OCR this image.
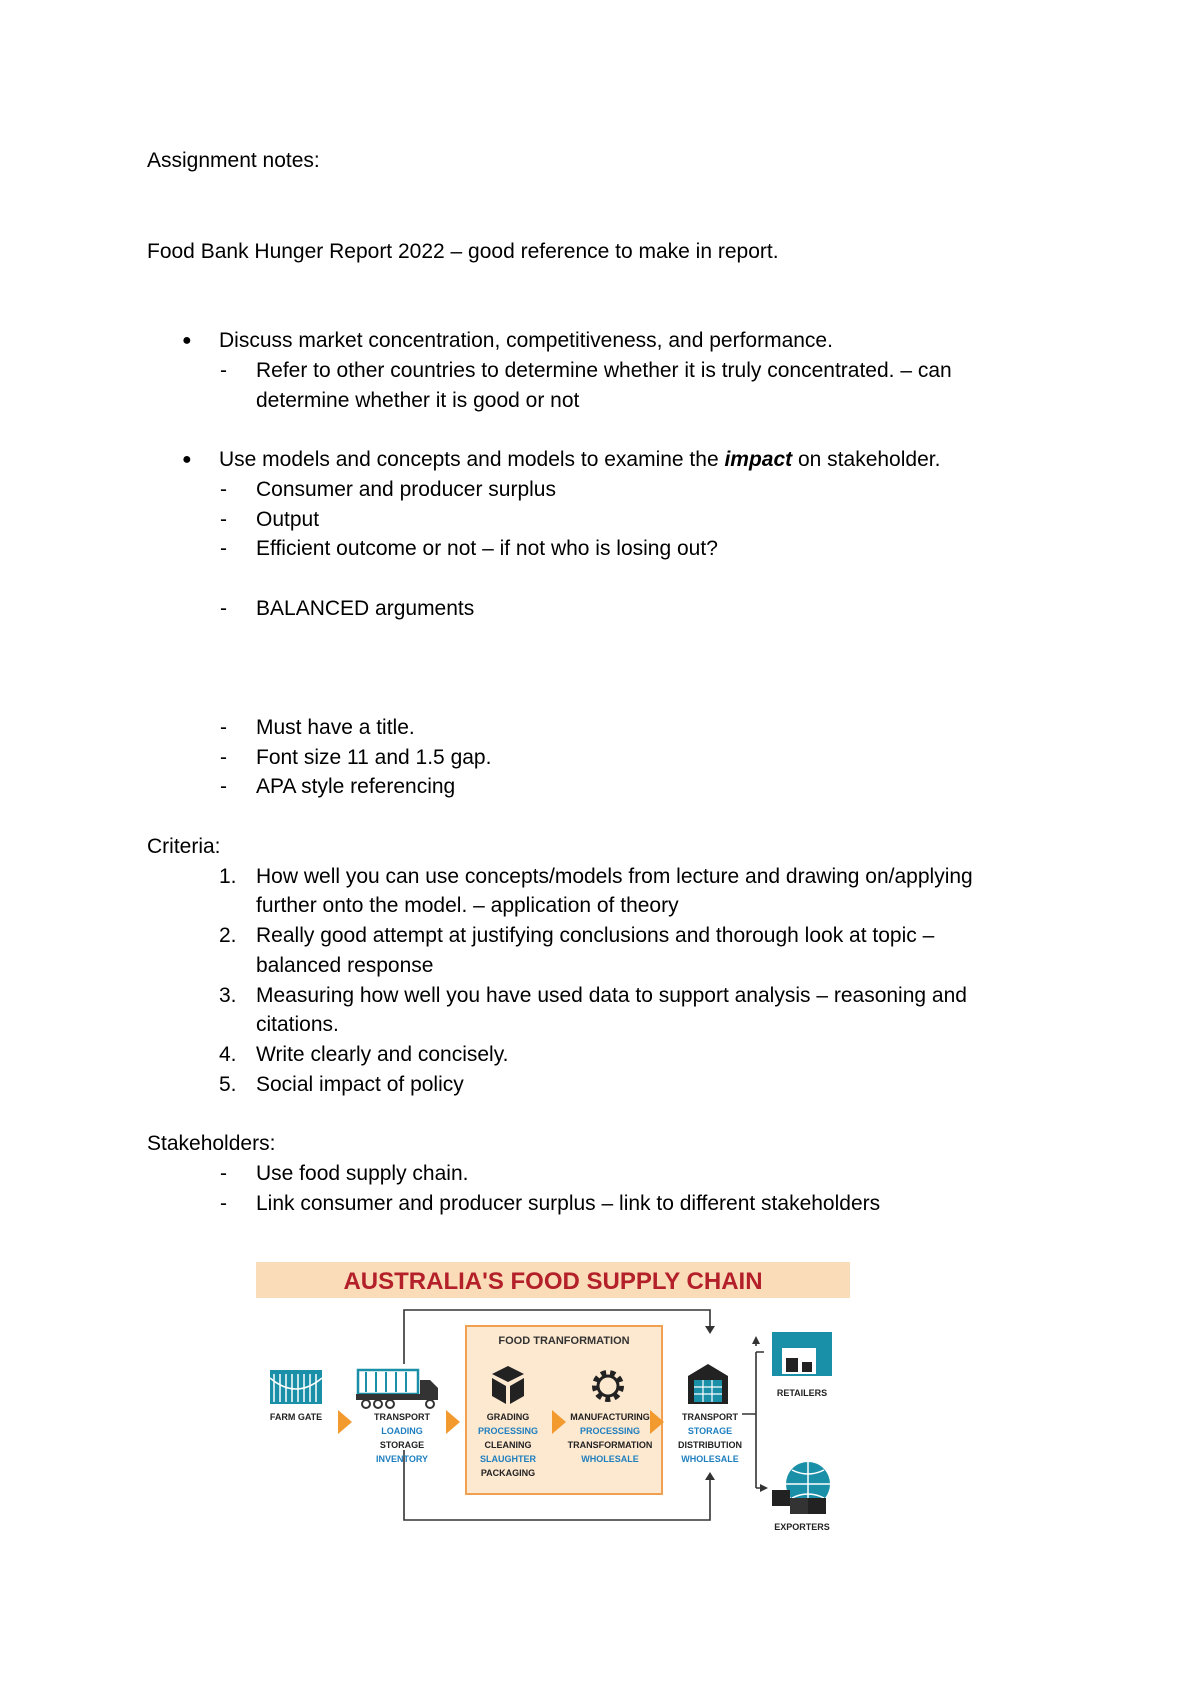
Assignment notes:
Food Bank Hunger Report 2022 – good reference to make in report.
● Discuss market concentration, competitiveness, and performance.
- Refer to other countries to determine whether it is truly concentrated. – can
determine whether it is good or not
● Use models and concepts and models to examine the impact on stakeholder.
- Consumer and producer surplus
- Output
- Efficient outcome or not – if not who is losing out?
- BALANCED arguments
- Must have a title.
- Font size 11 and 1.5 gap.
- APA style referencing
Criteria:
1. How well you can use concepts/models from lecture and drawing on/applying
further onto the model. – application of theory
2. Really good attempt at justifying conclusions and thorough look at topic –
balanced response
3. Measuring how well you have used data to support analysis – reasoning and
citations.
4. Write clearly and concisely.
5. Social impact of policy
Stakeholders:
- Use food supply chain.
- Link consumer and producer surplus – link to different stakeholders
AUSTRALIA'S FOOD SUPPLY CHAIN
FOOD TRANFORMATION
FARM GATE	TRANSPORT
LOADING
STORAGE
INVENTORY
GRADING
PROCESSING
CLEANING
SLAUGHTER
PACKAGING
MANUFACTURING
PROCESSING
TRANSFORMATION
WHOLESALE
TRANSPORT
STORAGE
DISTRIBUTION
WHOLESALE
RETAILERS
EXPORTERS
